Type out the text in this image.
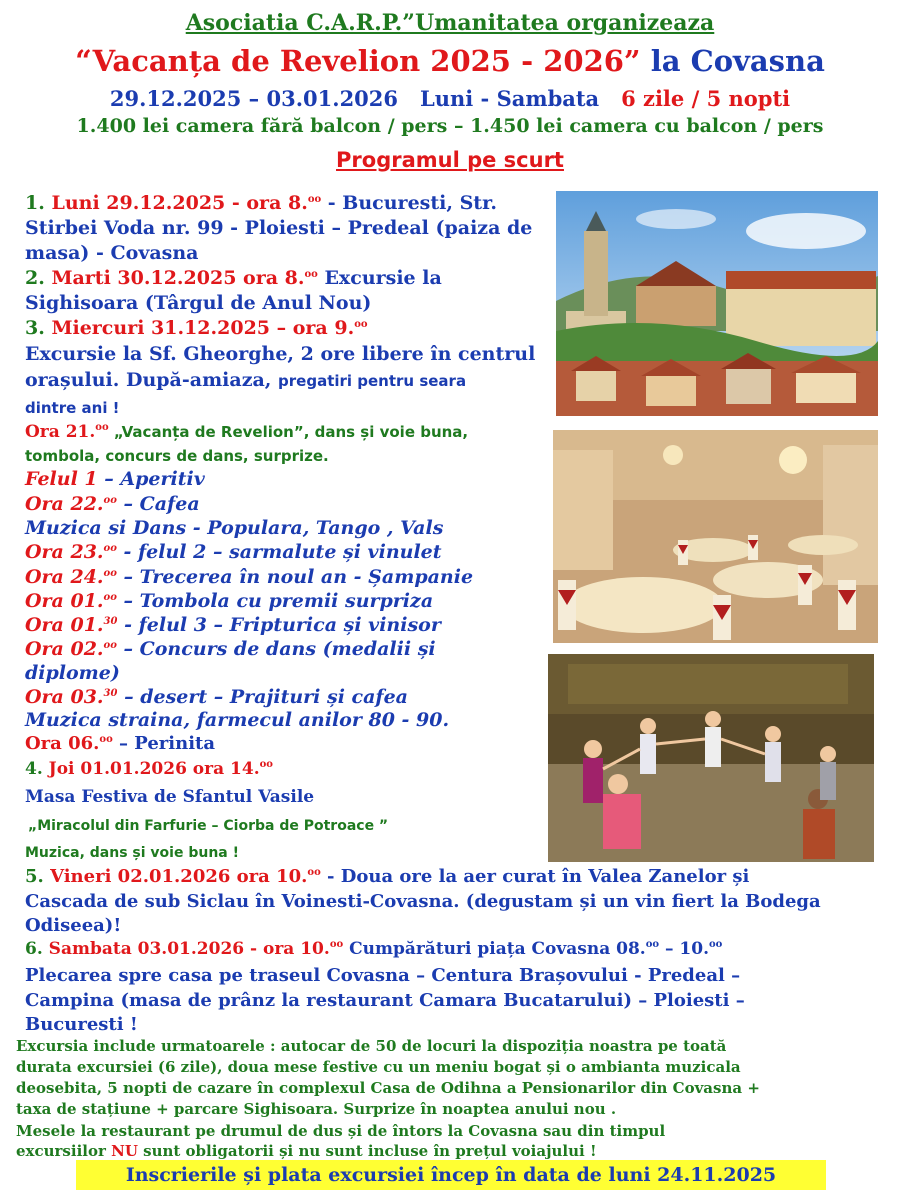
Asociatia C.A.R.P.”Umanitatea organizeaza
“Vacanța de Revelion 2025 - 2026” la Covasna
29.12.2025 – 03.01.2026 Luni - Sambata 6 zile / 5 nopti
1.400 lei camera fără balcon / pers – 1.450 lei camera cu balcon / pers
Programul pe scurt
1. Luni 29.12.2025 - ora 8.$^{oo}$ - Bucuresti, Str.
Stirbei Voda nr. 99 - Ploiesti – Predeal (paiza de
masa) - Covasna
2. Marti 30.12.2025 ora 8.$^{oo}$ Excursie la
Sighisoara (Târgul de Anul Nou)
3. Miercuri 31.12.2025 – ora 9.$^{oo}$
Excursie la Sf. Gheorghe, 2 ore libere în centrul
orașului. După-amiaza, pregatiri pentru seara
dintre ani !
Ora 21.$^{oo}$ „Vacanța de Revelion”, dans și voie buna,
tombola, concurs de dans, surprize.
Felul 1 – Aperitiv
Ora 22.$^{oo}$ – Cafea
Muzica si Dans - Populara, Tango , Vals
Ora 23.$^{oo}$ - felul 2 – sarmalute și vinulet
Ora 24.$^{oo}$ – Trecerea în noul an - Șampanie
Ora 01.$^{oo}$ – Tombola cu premii surpriza
Ora 01.30 - felul 3 – Fripturica și vinisor
Ora 02.$^{oo}$ – Concurs de dans (medalii și
diplome)
Ora 03.30 – desert – Prajituri și cafea
Muzica straina, farmecul anilor 80 - 90.
Ora 06.$^{oo}$ – Perinita
4. Joi 01.01.2026 ora 14.$^{oo}$
Masa Festiva de Sfantul Vasile
„Miracolul din Farfurie – Ciorba de Potroace ”
Muzica, dans și voie buna !
5. Vineri 02.01.2026 ora 10.$^{oo}$ - Doua ore la aer curat în Valea Zanelor și
Cascada de sub Siclau în Voinesti-Covasna. (degustam și un vin fiert la Bodega
Odiseea)!
6. Sambata 03.01.2026 - ora 10.$^{oo}$ Cumpărături piața Covasna 08.$^{oo}$ – 10.$^{oo}$
Plecarea spre casa pe traseul Covasna – Centura Brașovului - Predeal –
Campina (masa de prânz la restaurant Camara Bucatarului) – Ploiesti –
Bucuresti !
Excursia include urmatoarele : autocar de 50 de locuri la dispoziția noastra pe toată
durata excursiei (6 zile), doua mese festive cu un meniu bogat și o ambianta muzicala
deosebita, 5 nopti de cazare în complexul Casa de Odihna a Pensionarilor din Covasna +
taxa de stațiune + parcare Sighisoara. Surprize în noaptea anului nou .
Mesele la restaurant pe drumul de dus și de întors la Covasna sau din timpul
excursiilor NU sunt obligatorii și nu sunt incluse în prețul voiajului !
Inscrierile și plata excursiei încep în data de luni 24.11.2025
